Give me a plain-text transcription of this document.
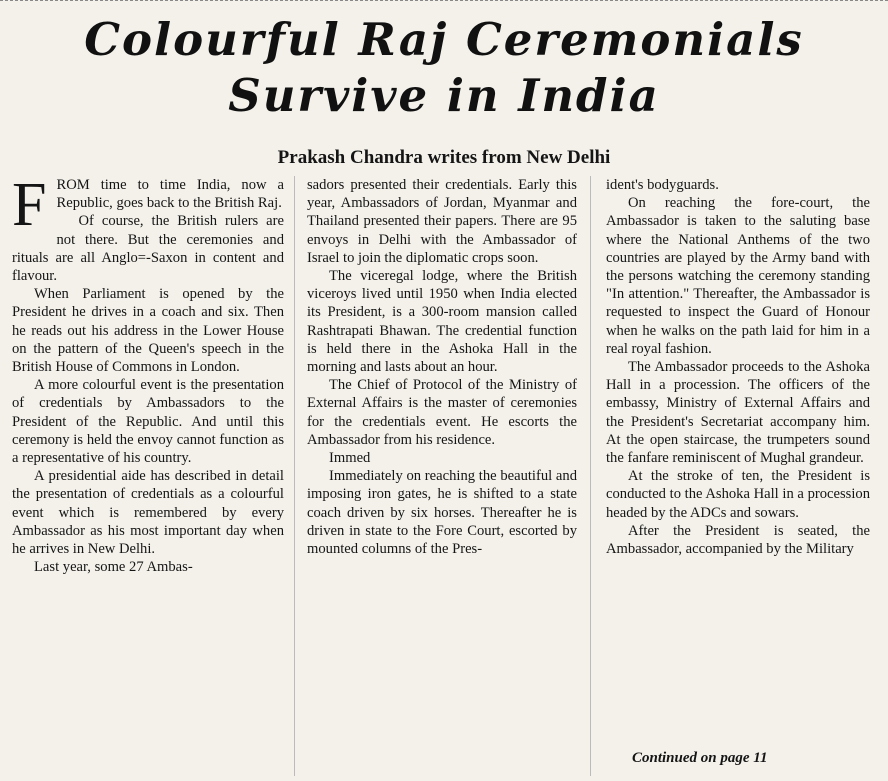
Colourful Raj Ceremonials
Survive in India
Prakash Chandra writes from New Delhi

FROM time to time India, now a Republic, goes back to the British Raj.

Of course, the British rulers are not there. But the ceremonies and rituals are all Anglo=-Saxon in content and flavour.

When Parliament is opened by the President he drives in a coach and six. Then he reads out his address in the Lower House on the pattern of the Queen's speech in the British House of Commons in London.

A more colourful event is the presentation of credentials by Ambassadors to the President of the Republic. And until this ceremony is held the envoy cannot function as a representative of his country.

A presidential aide has described in detail the presentation of credentials as a colourful event which is remembered by every Ambassador as his most important day when he arrives in New Delhi.

Last year, some 27 Ambas-

sadors presented their credentials. Early this year, Ambassadors of Jordan, Myanmar and Thailand presented their papers. There are 95 envoys in Delhi with the Ambassador of Israel to join the diplomatic crops soon.

The viceregal lodge, where the British viceroys lived until 1950 when India elected its President, is a 300-room mansion called Rashtrapati Bhawan. The credential function is held there in the Ashoka Hall in the morning and lasts about an hour.

The Chief of Protocol of the Ministry of External Affairs is the master of ceremonies for the credentials event. He escorts the Ambassador from his residence.

Immed

Immediately on reaching the beautiful and imposing iron gates, he is shifted to a state coach driven by six horses. Thereafter he is driven in state to the Fore Court, escorted by mounted columns of the Pres-

ident's bodyguards.

On reaching the fore-court, the Ambassador is taken to the saluting base where the National Anthems of the two countries are played by the Army band with the persons watching the ceremony standing "In attention." Thereafter, the Ambassador is requested to inspect the Guard of Honour when he walks on the path laid for him in a real royal fashion.

The Ambassador proceeds to the Ashoka Hall in a procession. The officers of the embassy, Ministry of External Affairs and the President's Secretariat accompany him. At the open staircase, the trumpeters sound the fanfare reminiscent of Mughal grandeur.

At the stroke of ten, the President is conducted to the Ashoka Hall in a procession headed by the ADCs and sowars.

After the President is seated, the Ambassador, accompanied by the Military

Continued on page 11
